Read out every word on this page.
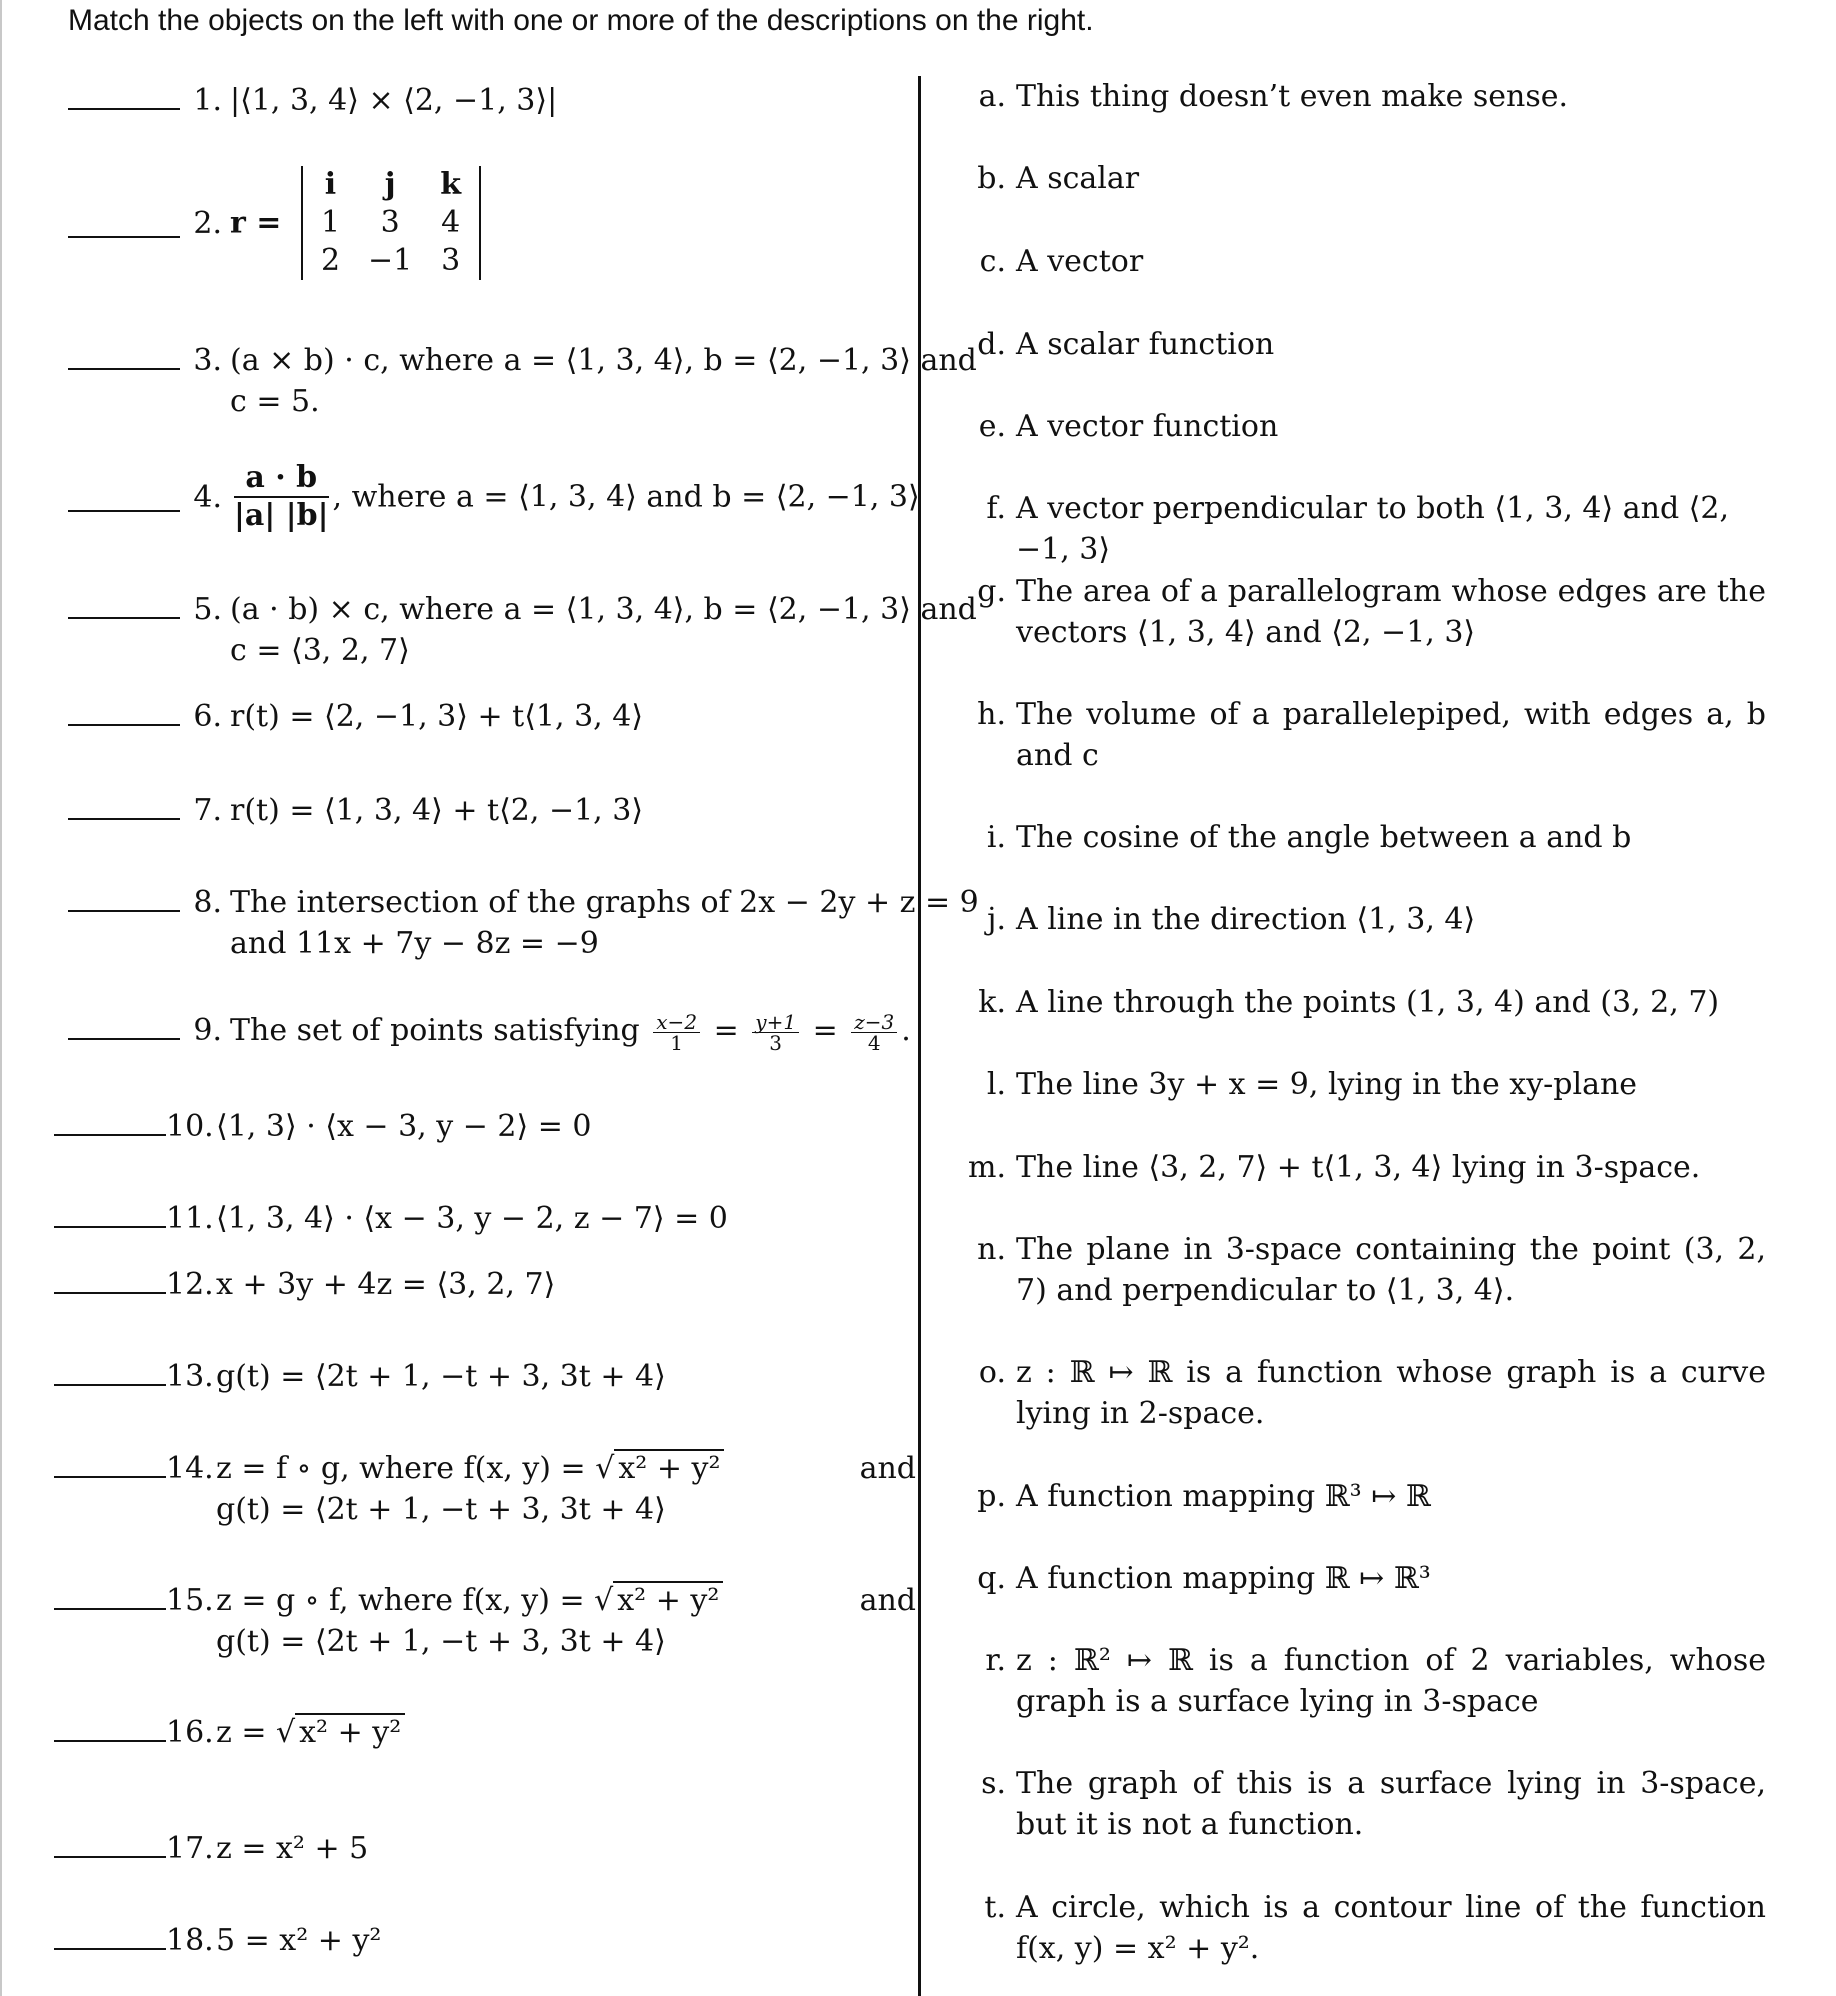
Match the objects on the left with one or more of the descriptions on the right.
1. |⟨1, 3, 4⟩ × ⟨2, −1, 3⟩|
2. r =
i	j	k
1	3	4
2	−1	3
3. (a × b) · c, where a = ⟨1, 3, 4⟩, b = ⟨2, −1, 3⟩ and
c = 5.
4. $\frac{a \cdot b}{|a| |b|}$ , where a = ⟨1, 3, 4⟩ and b = ⟨2, −1, 3⟩
5. (a · b) × c, where a = ⟨1, 3, 4⟩, b = ⟨2, −1, 3⟩ and
c = ⟨3, 2, 7⟩
6. r(t) = ⟨2, −1, 3⟩ + t⟨1, 3, 4⟩
7. r(t) = ⟨1, 3, 4⟩ + t⟨2, −1, 3⟩
8. The intersection of the graphs of 2x − 2y + z = 9
and 11x + 7y − 8z = −9
9. The set of points satisfying $\frac{x-2}{1} = \frac{y+1}{3} = \frac{z-3}{4}$ .
10.⟨1, 3⟩ · ⟨x − 3, y − 2⟩ = 0
11.⟨1, 3, 4⟩ · ⟨x − 3, y − 2, z − 7⟩ = 0
12.x + 3y + 4z = ⟨3, 2, 7⟩
13.g(t) = ⟨2t + 1, −t + 3, 3t + 4⟩
14.z = f ∘ g, where f(x, y) = √ x² + y²	and

g(t) = ⟨2t + 1, −t + 3, 3t + 4⟩
15.z = g ∘ f, where f(x, y) = √ x² + y²	and

g(t) = ⟨2t + 1, −t + 3, 3t + 4⟩
16.z = √ x² + y²
17.z = x² + 5
18.5 = x² + y²
a. This thing doesn’t even make sense.
b. A scalar
c. A vector
d. A scalar function
e. A vector function
f. A vector perpendicular to both ⟨1, 3, 4⟩ and ⟨2, −1, 3⟩
g. The area of a parallelogram whose edges are the vectors ⟨1, 3, 4⟩ and ⟨2, −1, 3⟩
h. The volume of a parallelepiped, with edges a, b and c
i. The cosine of the angle between a and b
j. A line in the direction ⟨1, 3, 4⟩
k. A line through the points (1, 3, 4) and (3, 2, 7)
l. The line 3y + x = 9, lying in the xy-plane
m. The line ⟨3, 2, 7⟩ + t⟨1, 3, 4⟩ lying in 3-space.
n. The plane in 3-space containing the point (3, 2, 7) and perpendicular to ⟨1, 3, 4⟩.
o. z : ℝ ↦ ℝ is a function whose graph is a curve lying in 2-space.
p. A function mapping ℝ³ ↦ ℝ
q. A function mapping ℝ ↦ ℝ³
r. z : ℝ² ↦ ℝ is a function of 2 variables, whose graph is a surface lying in 3-space
s. The graph of this is a surface lying in 3-space, but it is not a function.
t. A circle, which is a contour line of the function f(x, y) = x² + y².
